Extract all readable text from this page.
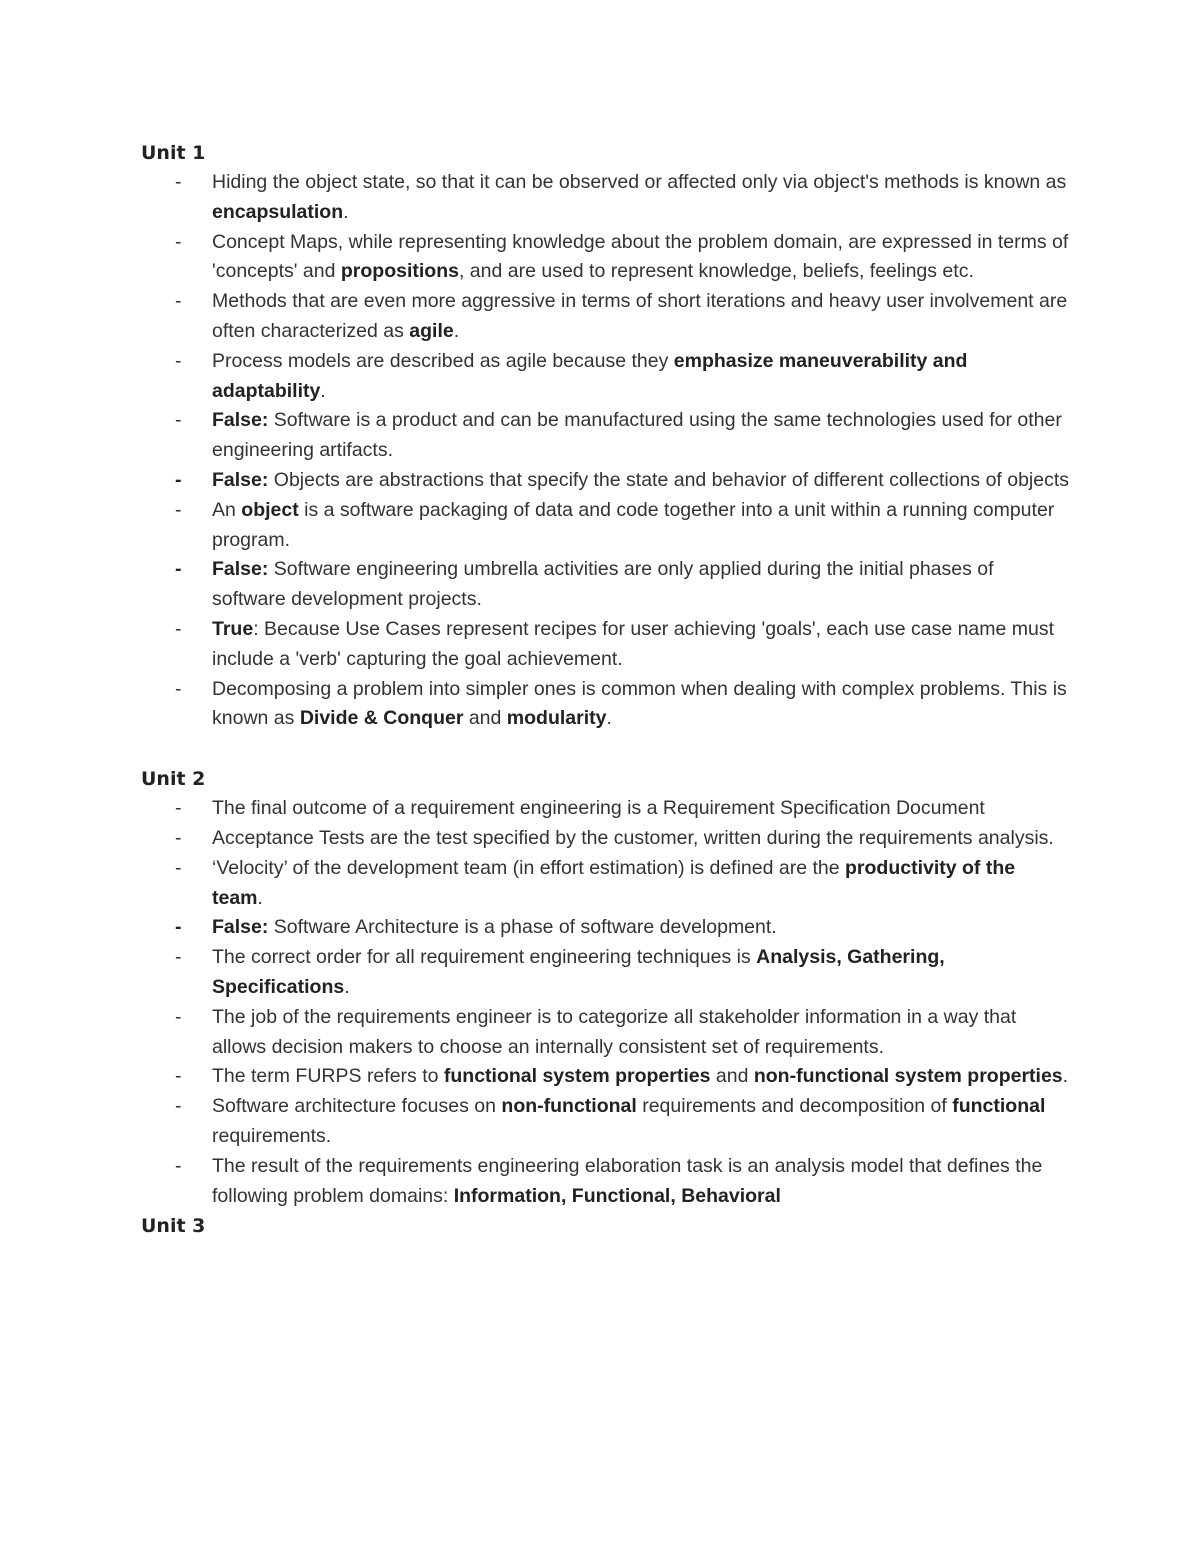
Unit 1
-	Hiding the object state, so that it can be observed or affected only via object's methods is known as encapsulation.
-	Concept Maps, while representing knowledge about the problem domain, are expressed in terms of 'concepts' and propositions, and are used to represent knowledge, beliefs, feelings etc.
-	Methods that are even more aggressive in terms of short iterations and heavy user involvement are often characterized as agile.
-	Process models are described as agile because they emphasize maneuverability and adaptability.
-	False: Software is a product and can be manufactured using the same technologies used for other engineering artifacts.
-	False: Objects are abstractions that specify the state and behavior of different collections of objects
-	An object is a software packaging of data and code together into a unit within a running computer program.
-	False: Software engineering umbrella activities are only applied during the initial phases of software development projects.
-	True: Because Use Cases represent recipes for user achieving 'goals', each use case name must include a 'verb' capturing the goal achievement.
-	Decomposing a problem into simpler ones is common when dealing with complex problems. This is known as Divide & Conquer and modularity.
Unit 2
-	The final outcome of a requirement engineering is a Requirement Specification Document
-	Acceptance Tests are the test specified by the customer, written during the requirements analysis.
-	‘Velocity’ of the development team (in effort estimation) is defined are the productivity of the team.
-	False: Software Architecture is a phase of software development.
-	The correct order for all requirement engineering techniques is Analysis, Gathering, Specifications.
-	The job of the requirements engineer is to categorize all stakeholder information in a way that allows decision makers to choose an internally consistent set of requirements.
-	The term FURPS refers to functional system properties and non-functional system properties.
-	Software architecture focuses on non-functional requirements and decomposition of functional requirements.
-	The result of the requirements engineering elaboration task is an analysis model that defines the following problem domains: Information, Functional, Behavioral
Unit 3
